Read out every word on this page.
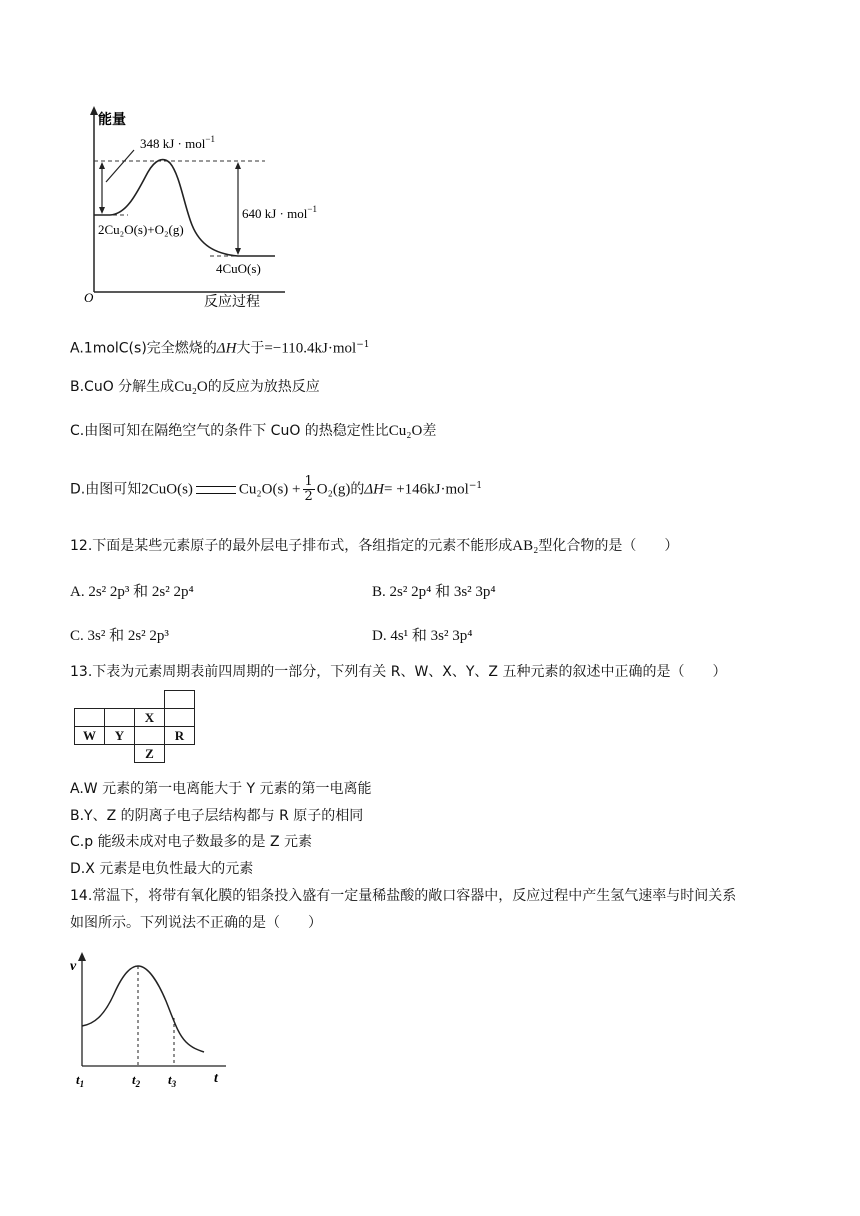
能量
O	反应过程
348 kJ · mol$^{-1}$
640 kJ · mol$^{-1}$
2Cu₂O(s)+O₂(g)
4CuO(s)
A.1molC(s)完全燃烧的ΔH大于=−110.4kJ·mol$^{-1}$
B.CuO 分解生成Cu₂O的反应为放热反应
C.由图可知在隔绝空气的条件下 CuO 的热稳定性比Cu₂O差
D.由图可知2CuO(s)	$Cu_2O(s) + \frac{1}{2} O_2(g)$的ΔH= +146kJ·mol$^{-1}$
12.下面是某些元素原子的最外层电子排布式，各组指定的元素不能形成AB₂型化合物的是（　　）
A. 2s² 2p³ 和 2s² 2p⁴	B. 2s² 2p⁴ 和 3s² 3p⁴
C. 3s² 和 2s² 2p³	D. 4s¹ 和 3s² 3p⁴
13.下表为元素周期表前四周期的一部分，下列有关 R、W、X、Y、Z 五种元素的叙述中正确的是（　　）

		X	
W	Y		R
		Z	
A.W 元素的第一电离能大于 Y 元素的第一电离能
B.Y、Z 的阴离子电子层结构都与 R 原子的相同
C.p 能级未成对电子数最多的是 Z 元素
D.X 元素是电负性最大的元素
14.常温下，将带有氧化膜的铝条投入盛有一定量稀盐酸的敞口容器中，反应过程中产生氢气速率与时间关系
如图所示。下列说法不正确的是（　　）
v
t
$t_1$	$t_2$ $t_3$
